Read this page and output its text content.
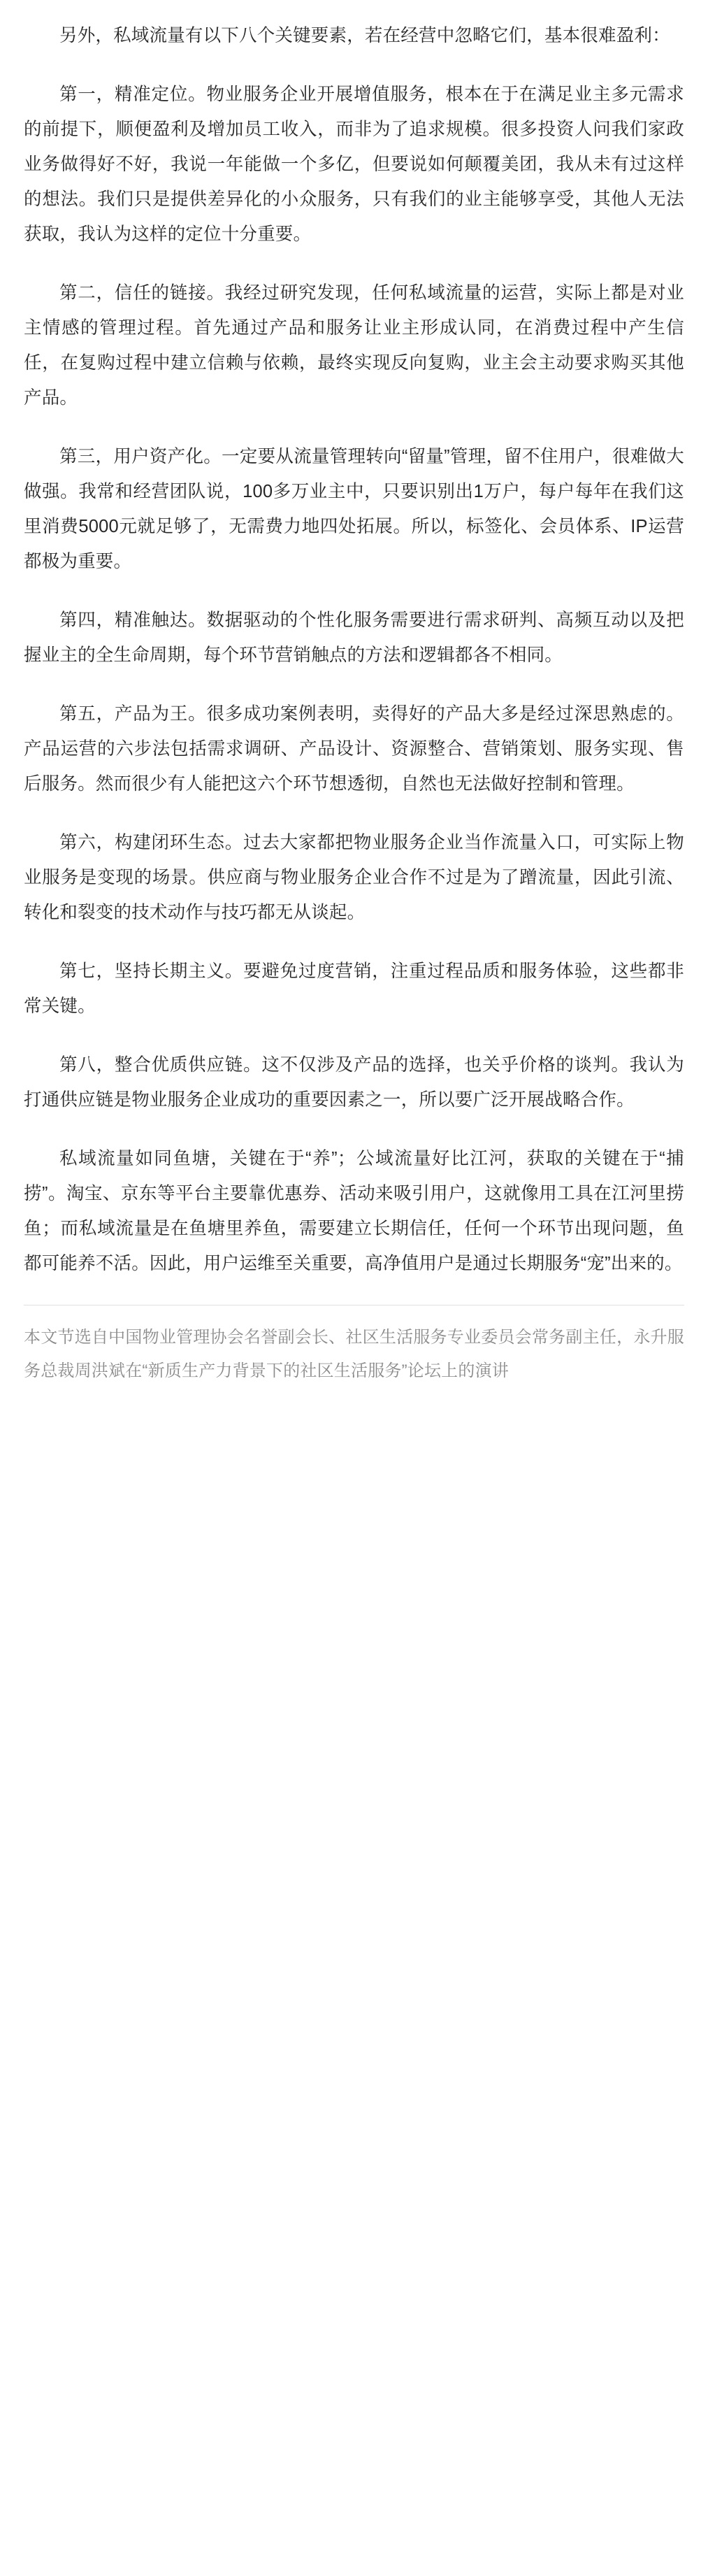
另外，私域流量有以下八个关键要素，若在经营中忽略它们，基本很难盈利：

第一，精准定位。物业服务企业开展增值服务，根本在于在满足业主多元需求的前提下，顺便盈利及增加员工收入，而非为了追求规模。很多投资人问我们家政业务做得好不好，我说一年能做一个多亿，但要说如何颠覆美团，我从未有过这样的想法。我们只是提供差异化的小众服务，只有我们的业主能够享受，其他人无法获取，我认为这样的定位十分重要。

第二，信任的链接。我经过研究发现，任何私域流量的运营，实际上都是对业主情感的管理过程。首先通过产品和服务让业主形成认同，在消费过程中产生信任，在复购过程中建立信赖与依赖，最终实现反向复购，业主会主动要求购买其他产品。

第三，用户资产化。一定要从流量管理转向“留量”管理，留不住用户，很难做大做强。我常和经营团队说，100多万业主中，只要识别出1万户，每户每年在我们这里消费5000元就足够了，无需费力地四处拓展。所以，标签化、会员体系、IP运营都极为重要。

第四，精准触达。数据驱动的个性化服务需要进行需求研判、高频互动以及把握业主的全生命周期，每个环节营销触点的方法和逻辑都各不相同。

第五，产品为王。很多成功案例表明，卖得好的产品大多是经过深思熟虑的。产品运营的六步法包括需求调研、产品设计、资源整合、营销策划、服务实现、售后服务。然而很少有人能把这六个环节想透彻，自然也无法做好控制和管理。

第六，构建闭环生态。过去大家都把物业服务企业当作流量入口，可实际上物业服务是变现的场景。供应商与物业服务企业合作不过是为了蹭流量，因此引流、转化和裂变的技术动作与技巧都无从谈起。

第七，坚持长期主义。要避免过度营销，注重过程品质和服务体验，这些都非常关键。

第八，整合优质供应链。这不仅涉及产品的选择，也关乎价格的谈判。我认为打通供应链是物业服务企业成功的重要因素之一，所以要广泛开展战略合作。

私域流量如同鱼塘，关键在于“养”；公域流量好比江河，获取的关键在于“捕捞”。淘宝、京东等平台主要靠优惠券、活动来吸引用户，这就像用工具在江河里捞鱼；而私域流量是在鱼塘里养鱼，需要建立长期信任，任何一个环节出现问题，鱼都可能养不活。因此，用户运维至关重要，高净值用户是通过长期服务“宠”出来的。

本文节选自中国物业管理协会名誉副会长、社区生活服务专业委员会常务副主任，永升服务总裁周洪斌在“新质生产力背景下的社区生活服务”论坛上的演讲
